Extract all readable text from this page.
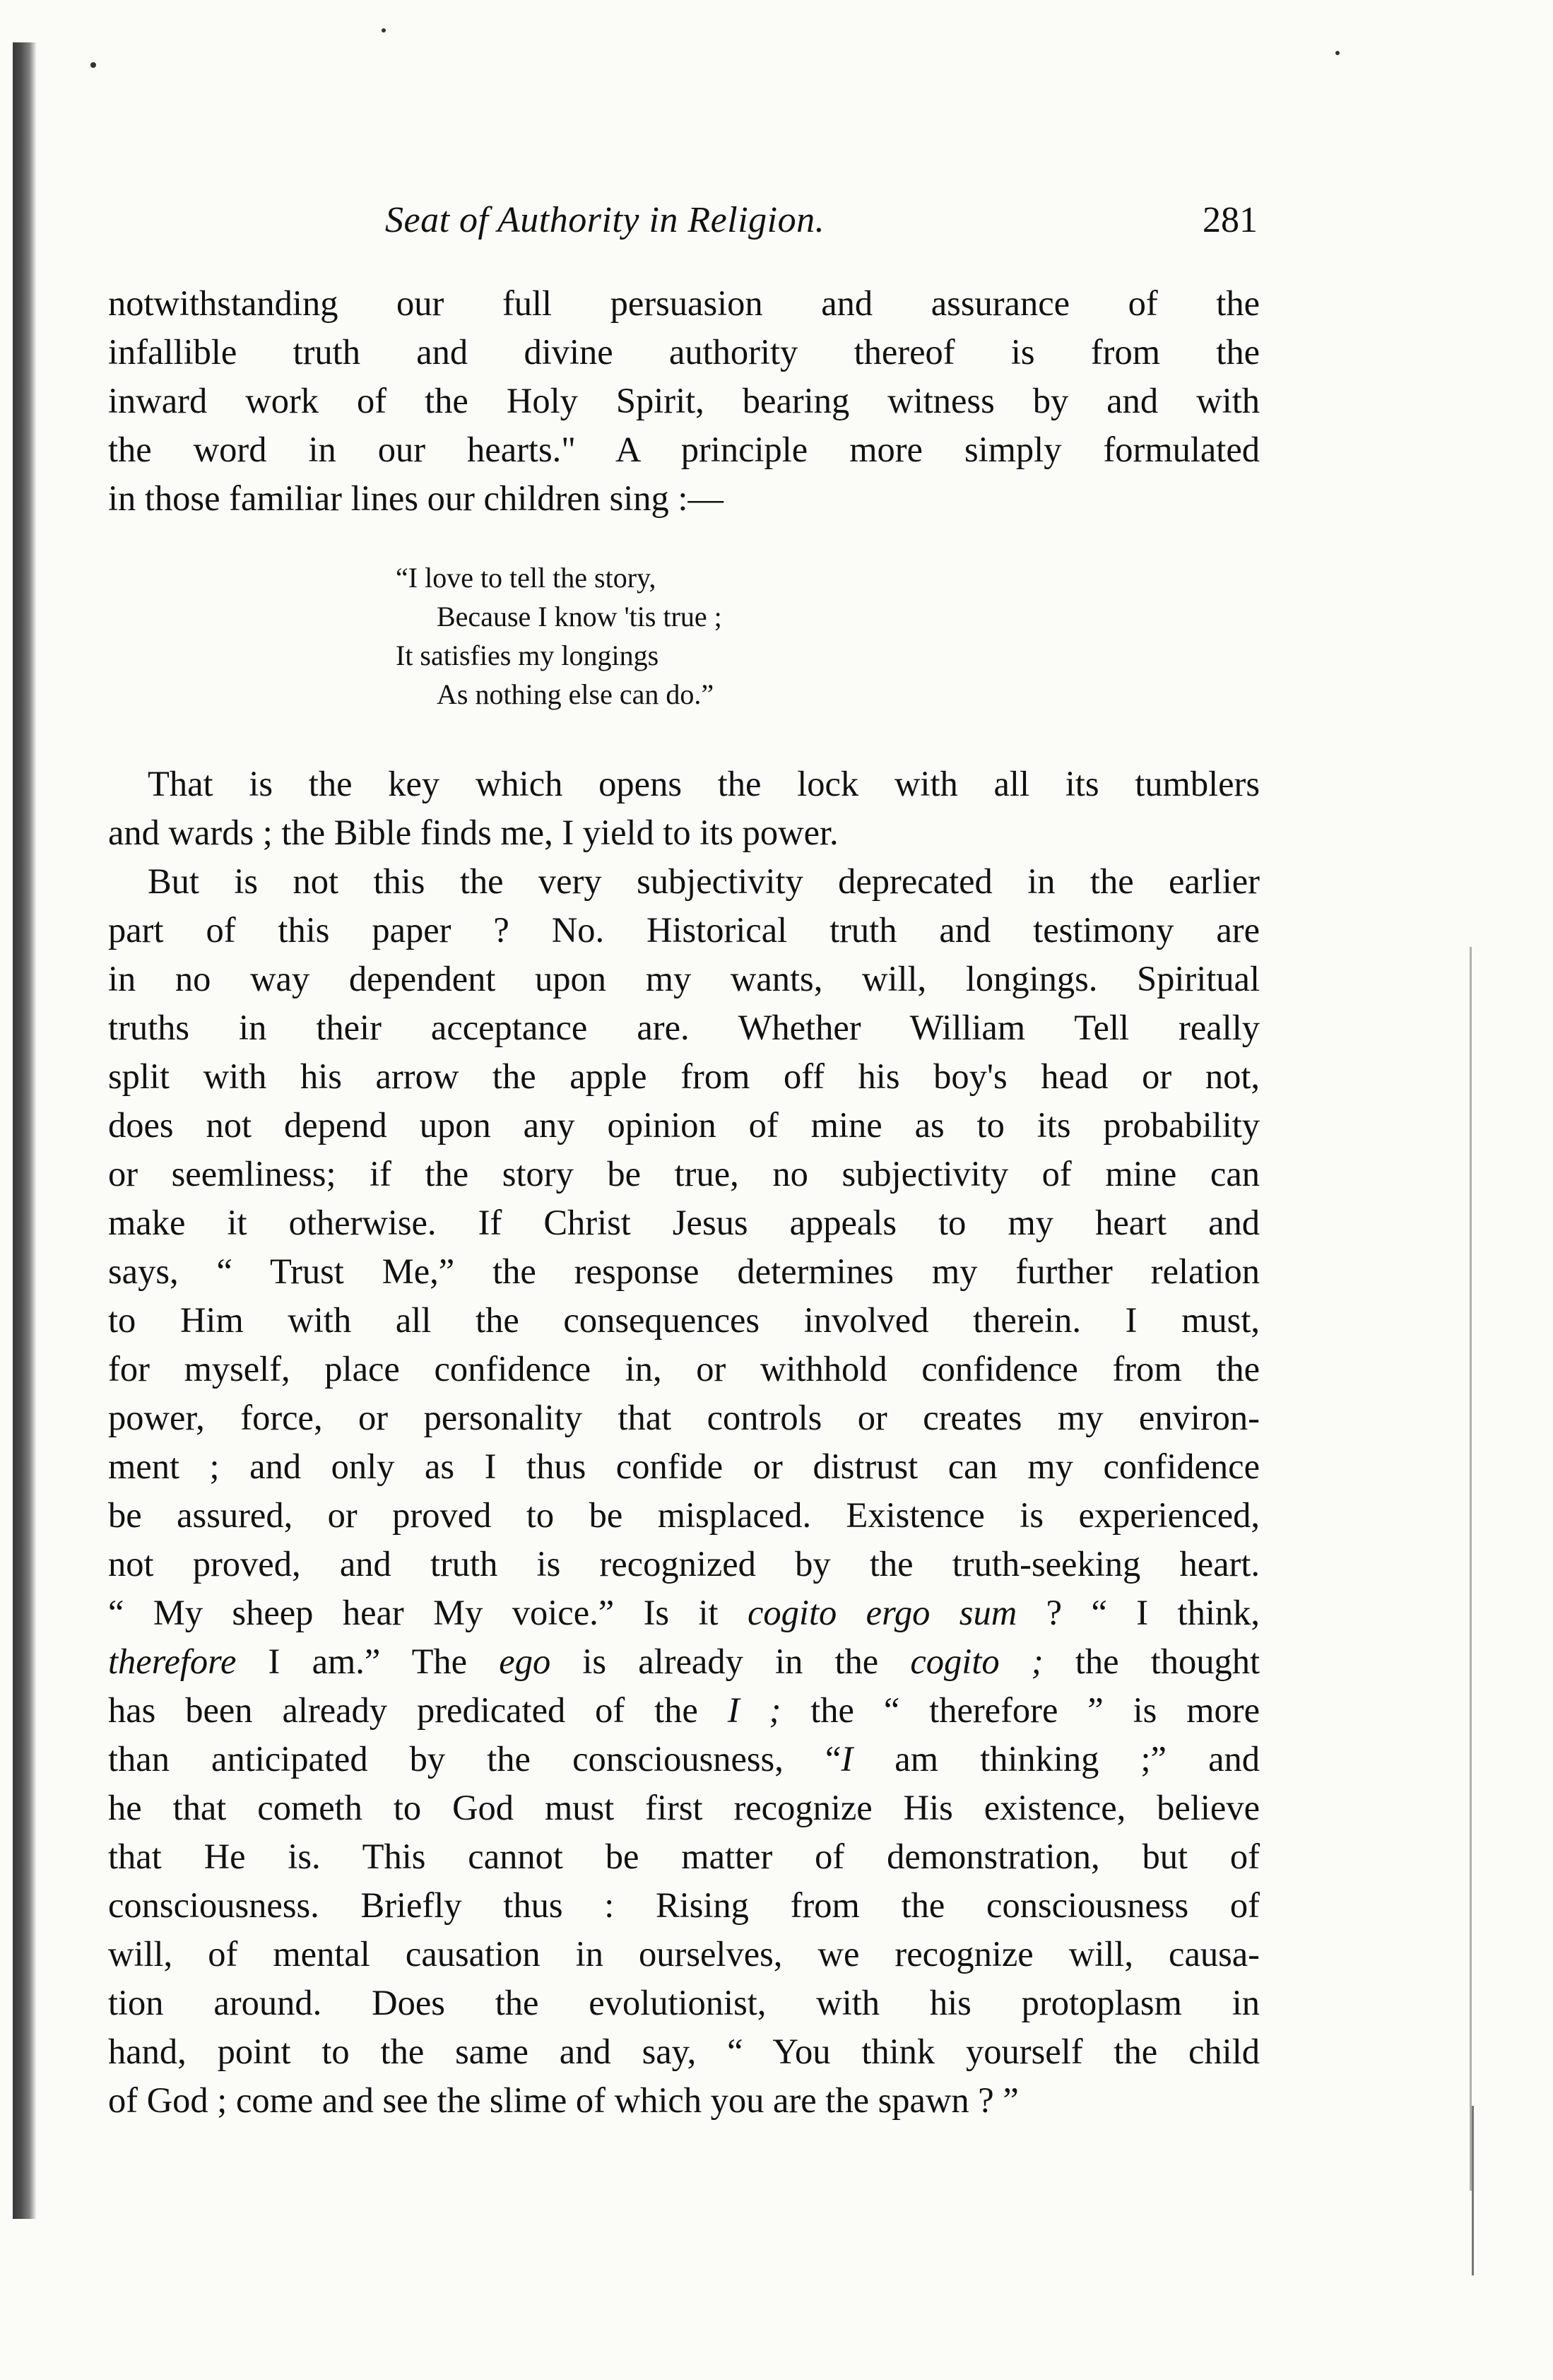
Seat of Authority in Religion.	281
notwithstanding our full persuasion and assurance of the
infallible truth and divine authority thereof is from the
inward work of the Holy Spirit, bearing witness by and with
the word in our hearts." A principle more simply formulated
in those familiar lines our children sing :—
“I love to tell the story,
Because I know 'tis true ;
It satisfies my longings
As nothing else can do.”
That is the key which opens the lock with all its tumblers
and wards ; the Bible finds me, I yield to its power.
But is not this the very subjectivity deprecated in the earlier
part of this paper ? No. Historical truth and testimony are
in no way dependent upon my wants, will, longings. Spiritual
truths in their acceptance are. Whether William Tell really
split with his arrow the apple from off his boy's head or not,
does not depend upon any opinion of mine as to its probability
or seemliness; if the story be true, no subjectivity of mine can
make it otherwise. If Christ Jesus appeals to my heart and
says, “ Trust Me,” the response determines my further relation
to Him with all the consequences involved therein. I must,
for myself, place confidence in, or withhold confidence from the
power, force, or personality that controls or creates my environ-
ment ; and only as I thus confide or distrust can my confidence
be assured, or proved to be misplaced. Existence is experienced,
not proved, and truth is recognized by the truth-seeking heart.
“ My sheep hear My voice.” Is it cogito ergo sum ? “ I think,
therefore I am.” The ego is already in the cogito ; the thought
has been already predicated of the I ; the “ therefore ” is more
than anticipated by the consciousness, “I am thinking ;” and
he that cometh to God must first recognize His existence, believe
that He is. This cannot be matter of demonstration, but of
consciousness. Briefly thus : Rising from the consciousness of
will, of mental causation in ourselves, we recognize will, causa-
tion around. Does the evolutionist, with his protoplasm in
hand, point to the same and say, “ You think yourself the child
of God ; come and see the slime of which you are the spawn ? ”
